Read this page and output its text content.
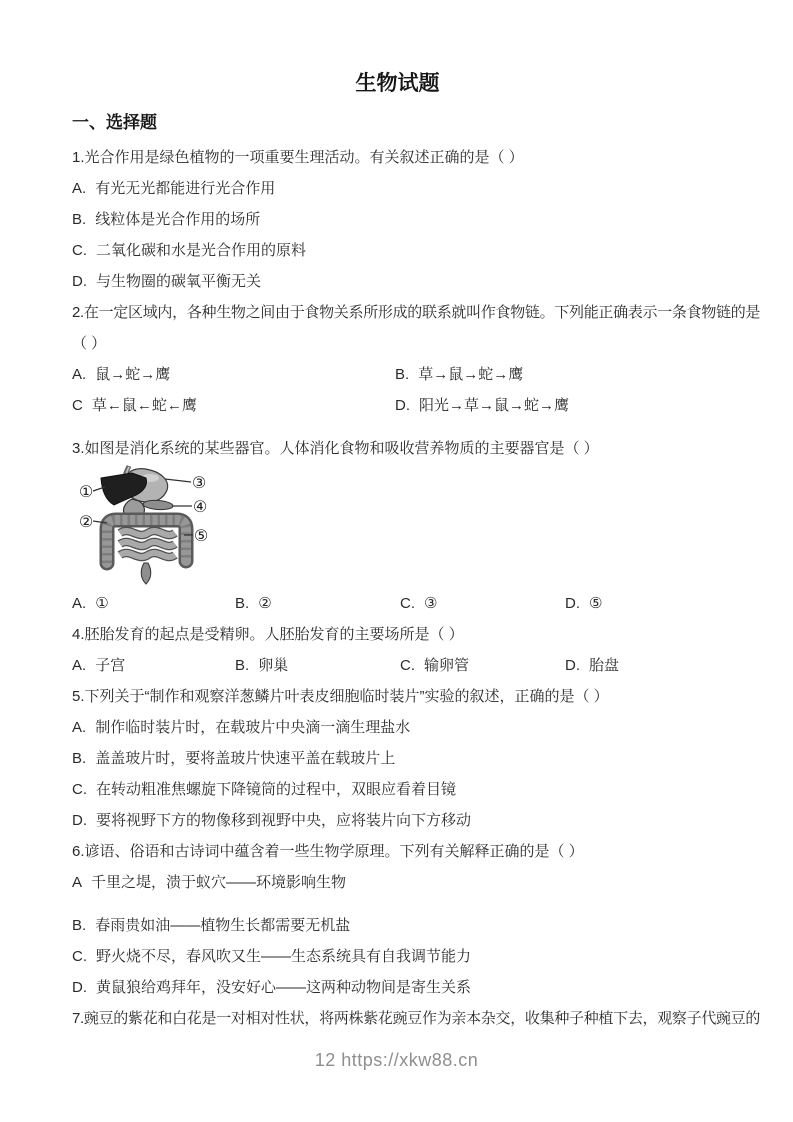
生物试题
一、选择题
1.光合作用是绿色植物的一项重要生理活动。有关叙述正确的是（ ）
A. 有光无光都能进行光合作用
B. 线粒体是光合作用的场所
C. 二氧化碳和水是光合作用的原料
D. 与生物圈的碳氧平衡无关
2.在一定区域内，各种生物之间由于食物关系所形成的联系就叫作食物链。下列能正确表示一条食物链的是
（ ）
A. 鼠→蛇→鹰	B. 草→鼠→蛇→鹰
C 草←鼠←蛇←鹰	D. 阳光→草→鼠→蛇→鹰
3.如图是消化系统的某些器官。人体消化食物和吸收营养物质的主要器官是（ ）
①
②
③
④
⑤
A. ①	B. ②	C. ③	D. ⑤
4.胚胎发育的起点是受精卵。人胚胎发育的主要场所是（ ）
A. 子宫	B. 卵巢	C. 输卵管	D. 胎盘
5.下列关于“制作和观察洋葱鳞片叶表皮细胞临时装片”实验的叙述，正确的是（ ）
A. 制作临时装片时，在载玻片中央滴一滴生理盐水
B. 盖盖玻片时，要将盖玻片快速平盖在载玻片上
C. 在转动粗准焦螺旋下降镜筒的过程中，双眼应看着目镜
D. 要将视野下方的物像移到视野中央，应将装片向下方移动
6.谚语、俗语和古诗词中蕴含着一些生物学原理。下列有关解释正确的是（ ）
A 千里之堤，溃于蚁穴——环境影响生物
B. 春雨贵如油——植物生长都需要无机盐
C. 野火烧不尽，春风吹又生——生态系统具有自我调节能力
D. 黄鼠狼给鸡拜年，没安好心——这两种动物间是寄生关系
7.豌豆的紫花和白花是一对相对性状，将两株紫花豌豆作为亲本杂交，收集种子种植下去，观察子代豌豆的
12 https://xkw88.cn
